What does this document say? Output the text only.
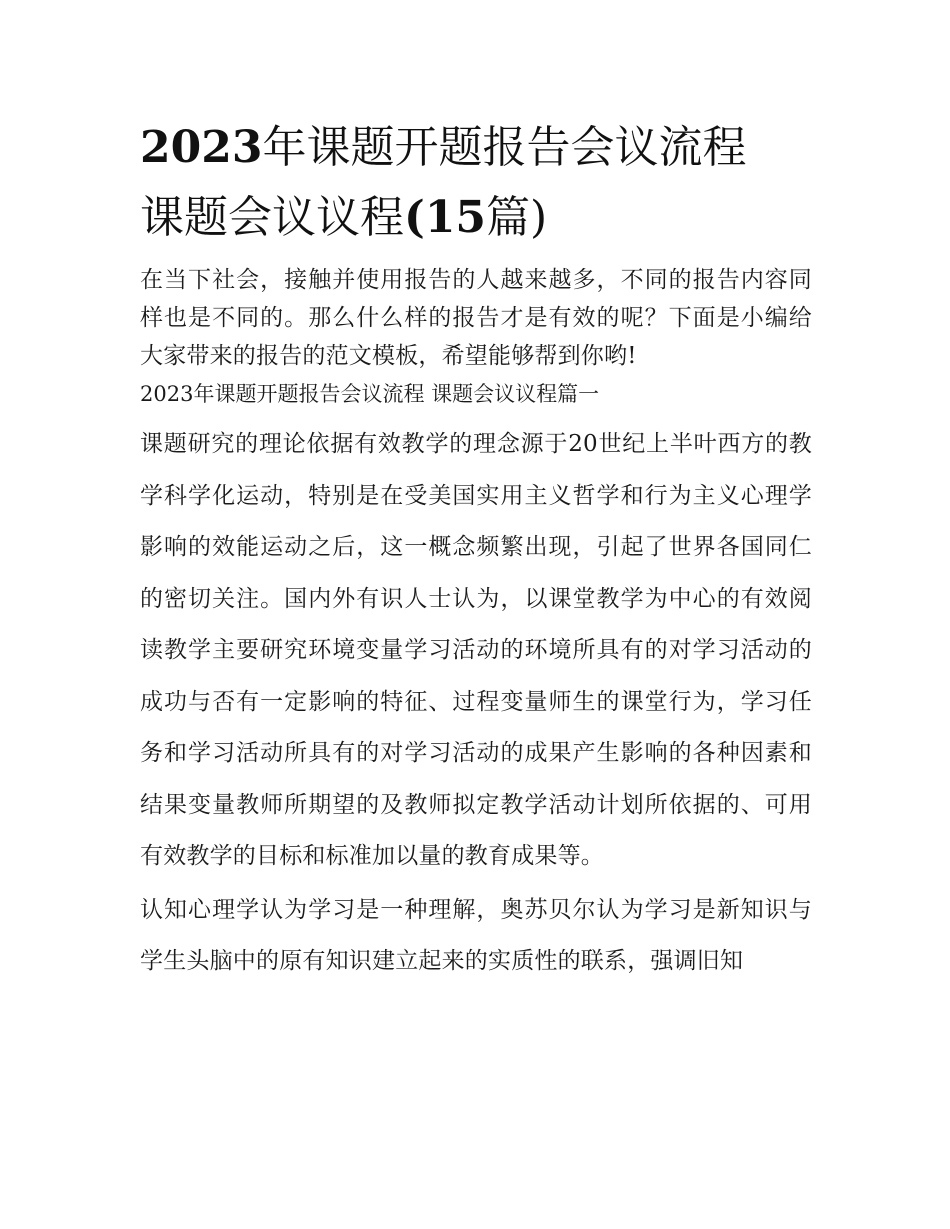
2023年课题开题报告会议流程
课题会议议程(15篇)

在当下社会，接触并使用报告的人越来越多，不同的报告内容同样也是不同的。那么什么样的报告才是有效的呢？下面是小编给大家带来的报告的范文模板，希望能够帮到你哟!

2023年课题开题报告会议流程 课题会议议程篇一

课题研究的理论依据有效教学的理念源于20世纪上半叶西方的教学科学化运动，特别是在受美国实用主义哲学和行为主义心理学影响的效能运动之后，这一概念频繁出现，引起了世界各国同仁的密切关注。国内外有识人士认为，以课堂教学为中心的有效阅读教学主要研究环境变量学习活动的环境所具有的对学习活动的成功与否有一定影响的特征、过程变量师生的课堂行为，学习任务和学习活动所具有的对学习活动的成果产生影响的各种因素和结果变量教师所期望的及教师拟定教学活动计划所依据的、可用有效教学的目标和标准加以量的教育成果等。

认知心理学认为学习是一种理解，奥苏贝尔认为学习是新知识与学生头脑中的原有知识建立起来的实质性的联系，强调旧知
